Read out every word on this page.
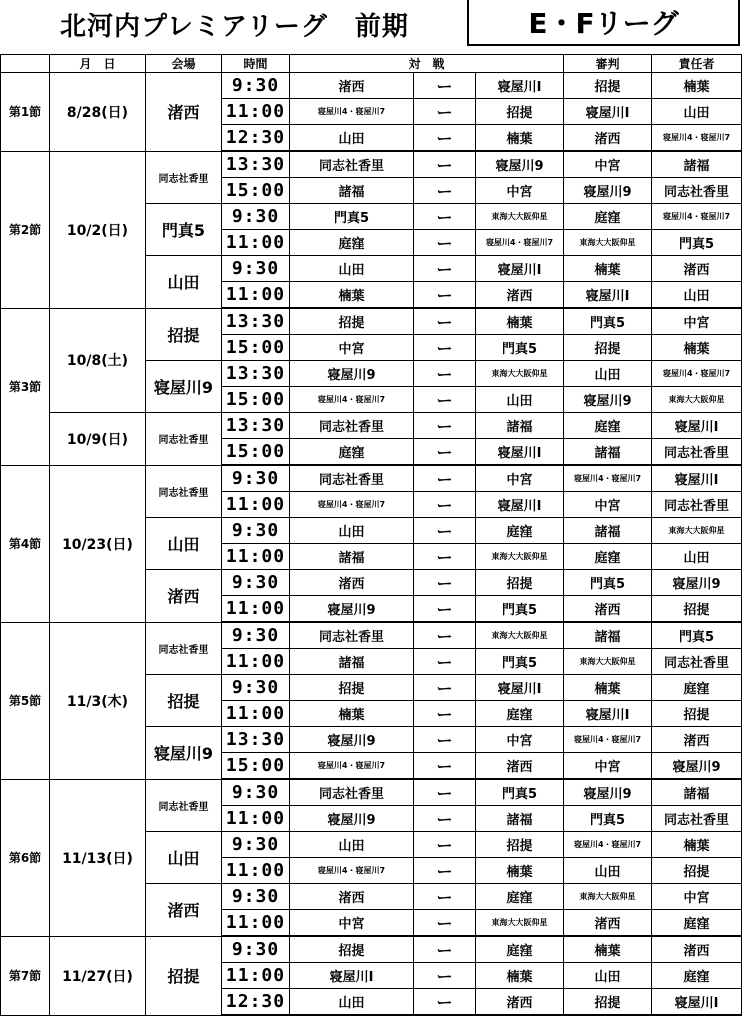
北河内プレミアリーグ　前期	E・Fリーグ
	月　日	会場	時間	対　戦			審判	責任者
第1節	8/28(日)	渚西	9:30	渚西	ー	寝屋川Ⅰ	招提	楠葉
			11:00	寝屋川4・寝屋川7	ー	招提	寝屋川Ⅰ	山田
			12:30	山田	ー	楠葉	渚西	寝屋川4・寝屋川7
第2節	10/2(日)	同志社香里	13:30	同志社香里	ー	寝屋川9	中宮	諸福
			15:00	諸福	ー	中宮	寝屋川9	同志社香里
		門真5	9:30	門真5	ー	東海大大阪仰星	庭窪	寝屋川4・寝屋川7
			11:00	庭窪	ー	寝屋川4・寝屋川7	東海大大阪仰星	門真5
		山田	9:30	山田	ー	寝屋川Ⅰ	楠葉	渚西
			11:00	楠葉	ー	渚西	寝屋川Ⅰ	山田
第3節	10/8(土)	招提	13:30	招提	ー	楠葉	門真5	中宮
			15:00	中宮	ー	門真5	招提	楠葉
		寝屋川9	13:30	寝屋川9	ー	東海大大阪仰星	山田	寝屋川4・寝屋川7
			15:00	寝屋川4・寝屋川7	ー	山田	寝屋川9	東海大大阪仰星
	10/9(日)	同志社香里	13:30	同志社香里	ー	諸福	庭窪	寝屋川Ⅰ
			15:00	庭窪	ー	寝屋川Ⅰ	諸福	同志社香里
第4節	10/23(日)	同志社香里	9:30	同志社香里	ー	中宮	寝屋川4・寝屋川7	寝屋川Ⅰ
			11:00	寝屋川4・寝屋川7	ー	寝屋川Ⅰ	中宮	同志社香里
		山田	9:30	山田	ー	庭窪	諸福	東海大大阪仰星
			11:00	諸福	ー	東海大大阪仰星	庭窪	山田
		渚西	9:30	渚西	ー	招提	門真5	寝屋川9
			11:00	寝屋川9	ー	門真5	渚西	招提
第5節	11/3(木)	同志社香里	9:30	同志社香里	ー	東海大大阪仰星	諸福	門真5
			11:00	諸福	ー	門真5	東海大大阪仰星	同志社香里
		招提	9:30	招提	ー	寝屋川Ⅰ	楠葉	庭窪
			11:00	楠葉	ー	庭窪	寝屋川Ⅰ	招提
		寝屋川9	13:30	寝屋川9	ー	中宮	寝屋川4・寝屋川7	渚西
			15:00	寝屋川4・寝屋川7	ー	渚西	中宮	寝屋川9
第6節	11/13(日)	同志社香里	9:30	同志社香里	ー	門真5	寝屋川9	諸福
			11:00	寝屋川9	ー	諸福	門真5	同志社香里
		山田	9:30	山田	ー	招提	寝屋川4・寝屋川7	楠葉
			11:00	寝屋川4・寝屋川7	ー	楠葉	山田	招提
		渚西	9:30	渚西	ー	庭窪	東海大大阪仰星	中宮
			11:00	中宮	ー	東海大大阪仰星	渚西	庭窪
第7節	11/27(日)	招提	9:30	招提	ー	庭窪	楠葉	渚西
			11:00	寝屋川Ⅰ	ー	楠葉	山田	庭窪
			12:30	山田	ー	渚西	招提	寝屋川Ⅰ
